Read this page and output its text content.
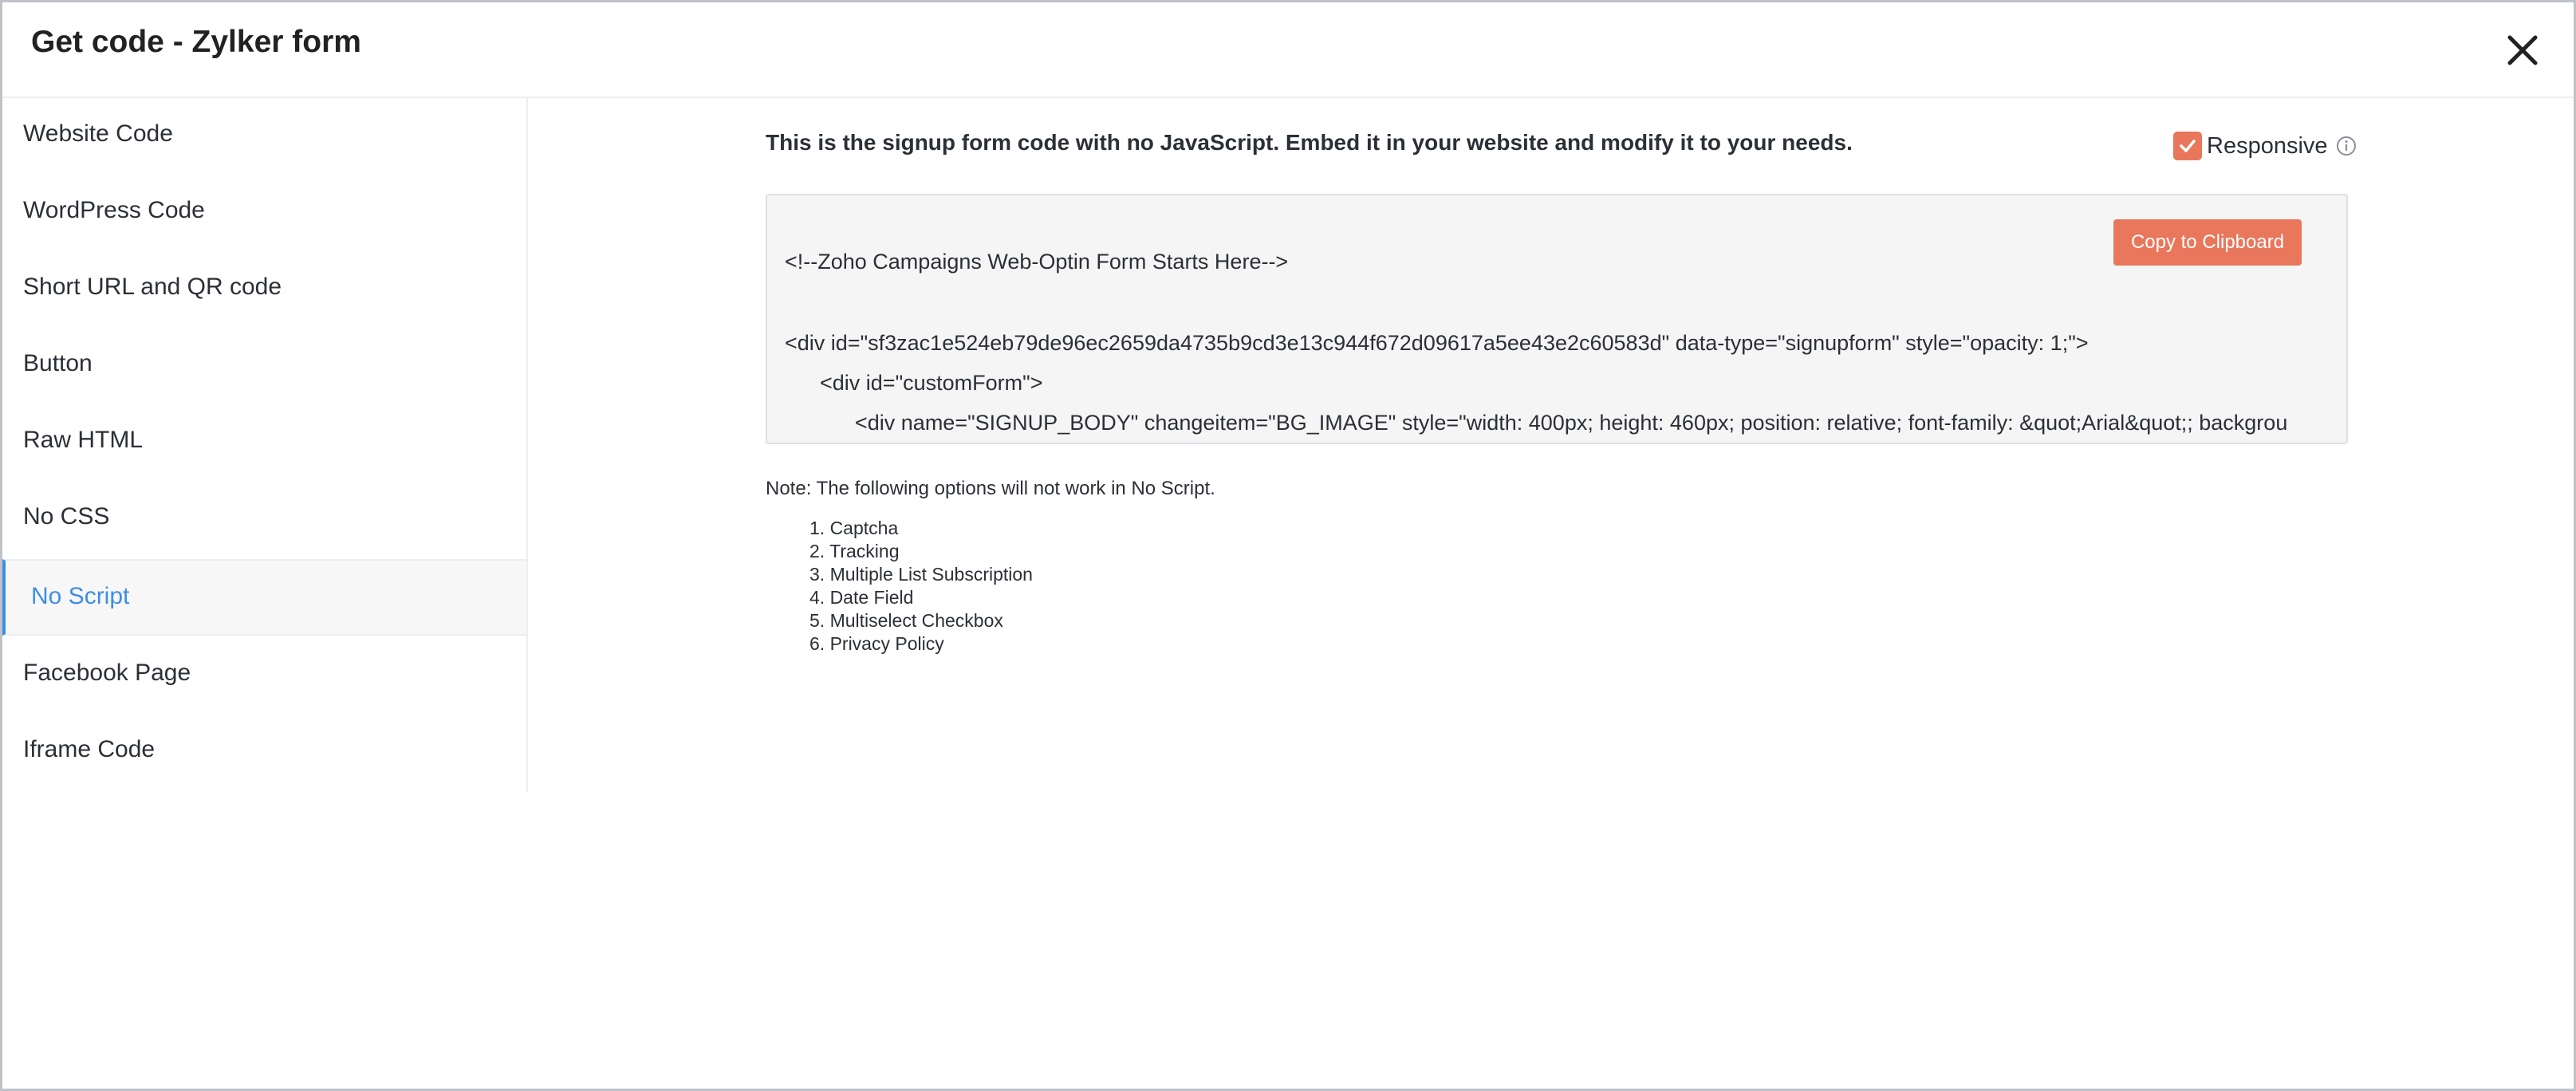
Get code - Zylker form
Website Code
WordPress Code
Short URL and QR code
Button
Raw HTML
No CSS
No Script
Facebook Page
Iframe Code
This is the signup form code with no JavaScript. Embed it in your website and modify it to your needs.	Responsive
<!--Zoho Campaigns Web-Optin Form Starts Here-->
<div id="sf3zac1e524eb79de96ec2659da4735b9cd3e13c944f672d09617a5ee43e2c60583d" data-type="signupform" style="opacity: 1;">
<div id="customForm">
<div name="SIGNUP_BODY" changeitem="BG_IMAGE" style="width: 400px; height: 460px; position: relative; font-family: &quot;Arial&quot;; backgrou
Copy to Clipboard
Note: The following options will not work in No Script.
1. Captcha
2. Tracking
3. Multiple List Subscription
4. Date Field
5. Multiselect Checkbox
6. Privacy Policy
